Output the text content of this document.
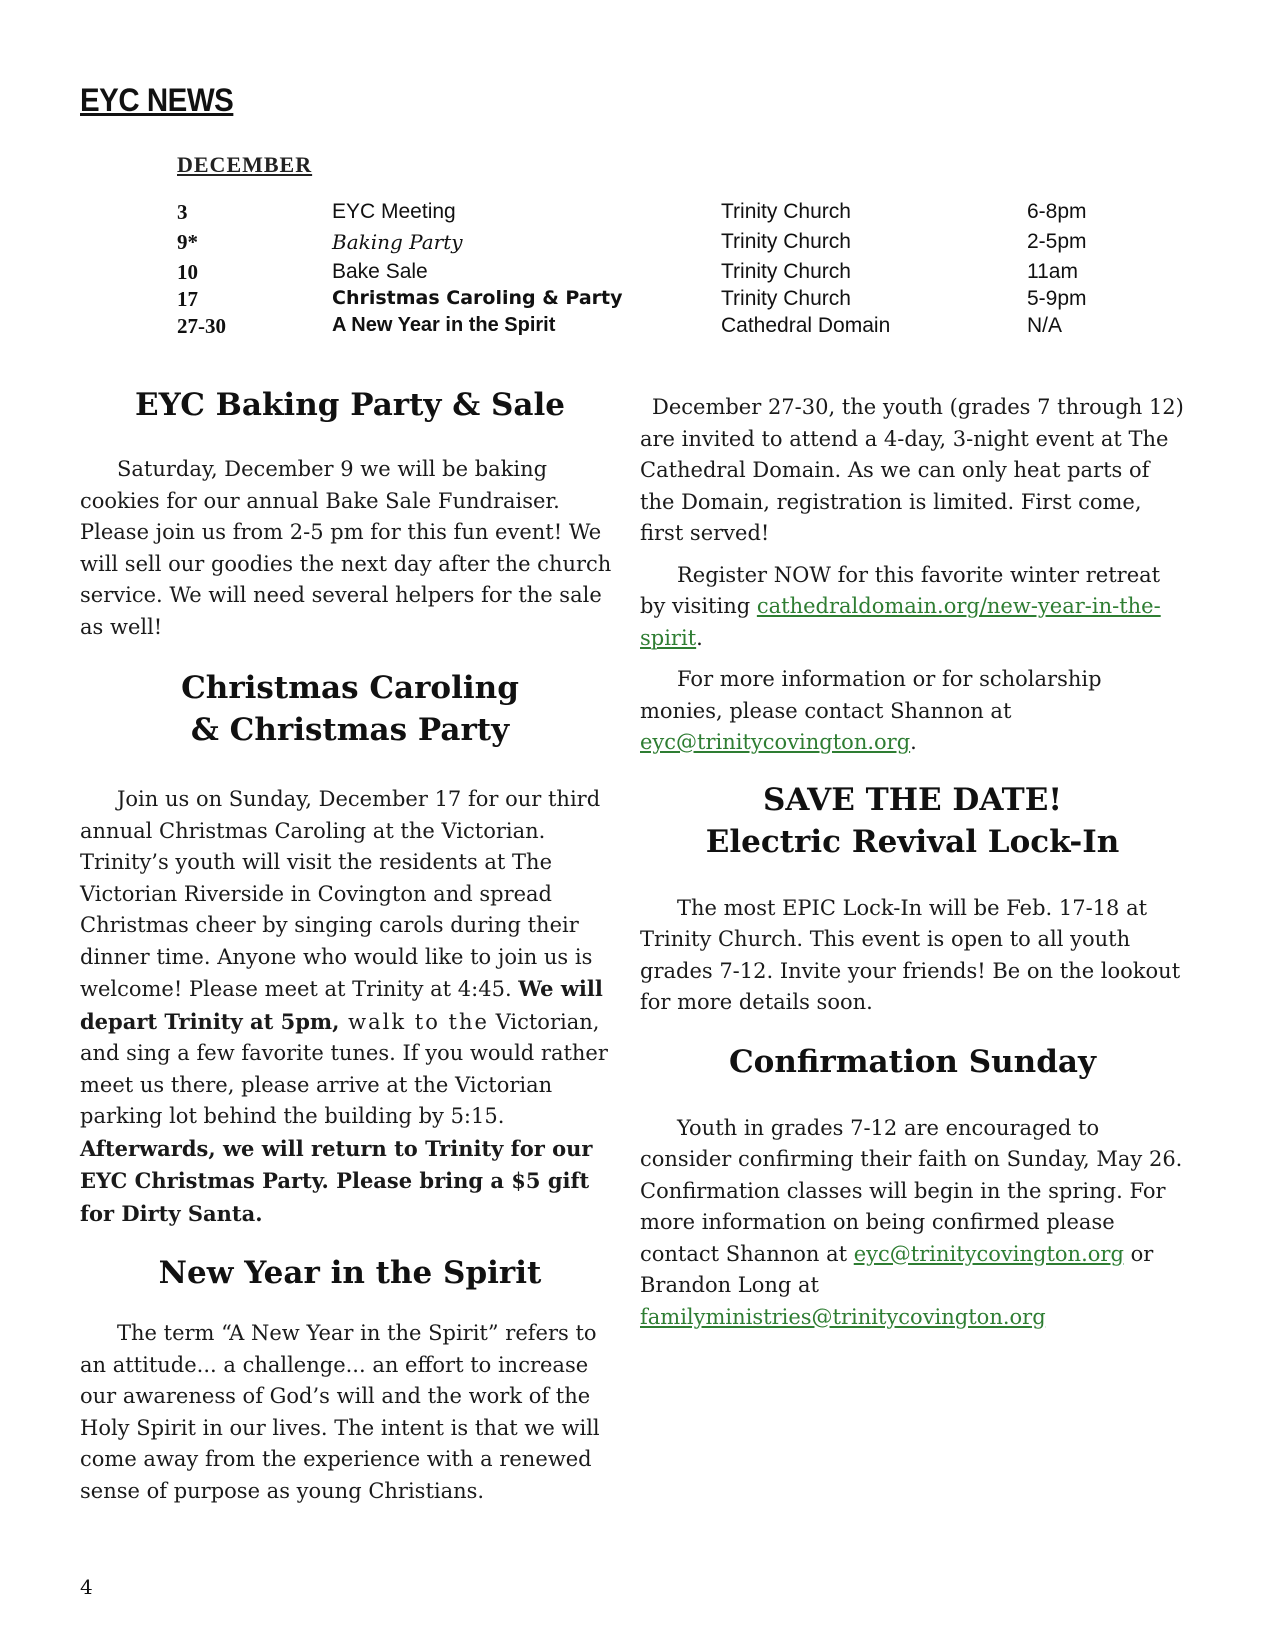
EYC NEWS
DECEMBER
3	EYC Meeting	Trinity Church	6-8pm
9*	Baking Party	Trinity Church	2-5pm
10	Bake Sale	Trinity Church	11am
17	Christmas Caroling & Party	Trinity Church	5-9pm
27-30	A New Year in the Spirit	Cathedral Domain	N/A
EYC Baking Party & Sale

Saturday, December 9 we will be baking cookies for our annual Bake Sale Fundraiser. Please join us from 2-5 pm for this fun event! We will sell our goodies the next day after the church service. We will need several helpers for the sale as well!

Christmas Caroling
& Christmas Party

Join us on Sunday, December 17 for our third annual Christmas Caroling at the Victorian. Trinity’s youth will visit the residents at The Victorian Riverside in Covington and spread Christmas cheer by singing carols during their dinner time. Anyone who would like to join us is welcome! Please meet at Trinity at 4:45. We will depart Trinity at 5pm, walk to the Victorian, and sing a few favorite tunes. If you would rather meet us there, please arrive at the Victorian parking lot behind the building by 5:15. Afterwards, we will return to Trinity for our EYC Christmas Party. Please bring a $5 gift for Dirty Santa.

New Year in the Spirit

The term “A New Year in the Spirit” refers to an attitude... a challenge... an effort to increase our awareness of God’s will and the work of the Holy Spirit in our lives. The intent is that we will come away from the experience with a renewed sense of purpose as young Christians.

December 27-30, the youth (grades 7 through 12) are invited to attend a 4-day, 3-night event at The Cathedral Domain. As we can only heat parts of the Domain, registration is limited. First come, first served!

Register NOW for this favorite winter retreat by visiting cathedraldomain.org/new-year-in-the-spirit.

For more information or for scholarship monies, please contact Shannon at eyc@trinitycovington.org.

SAVE THE DATE!
Electric Revival Lock-In

The most EPIC Lock-In will be Feb. 17-18 at Trinity Church. This event is open to all youth grades 7-12. Invite your friends! Be on the lookout for more details soon.

Confirmation Sunday

Youth in grades 7-12 are encouraged to consider confirming their faith on Sunday, May 26. Confirmation classes will begin in the spring. For more information on being confirmed please contact Shannon at eyc@trinitycovington.org or Brandon Long at familyministries@trinitycovington.org

4
